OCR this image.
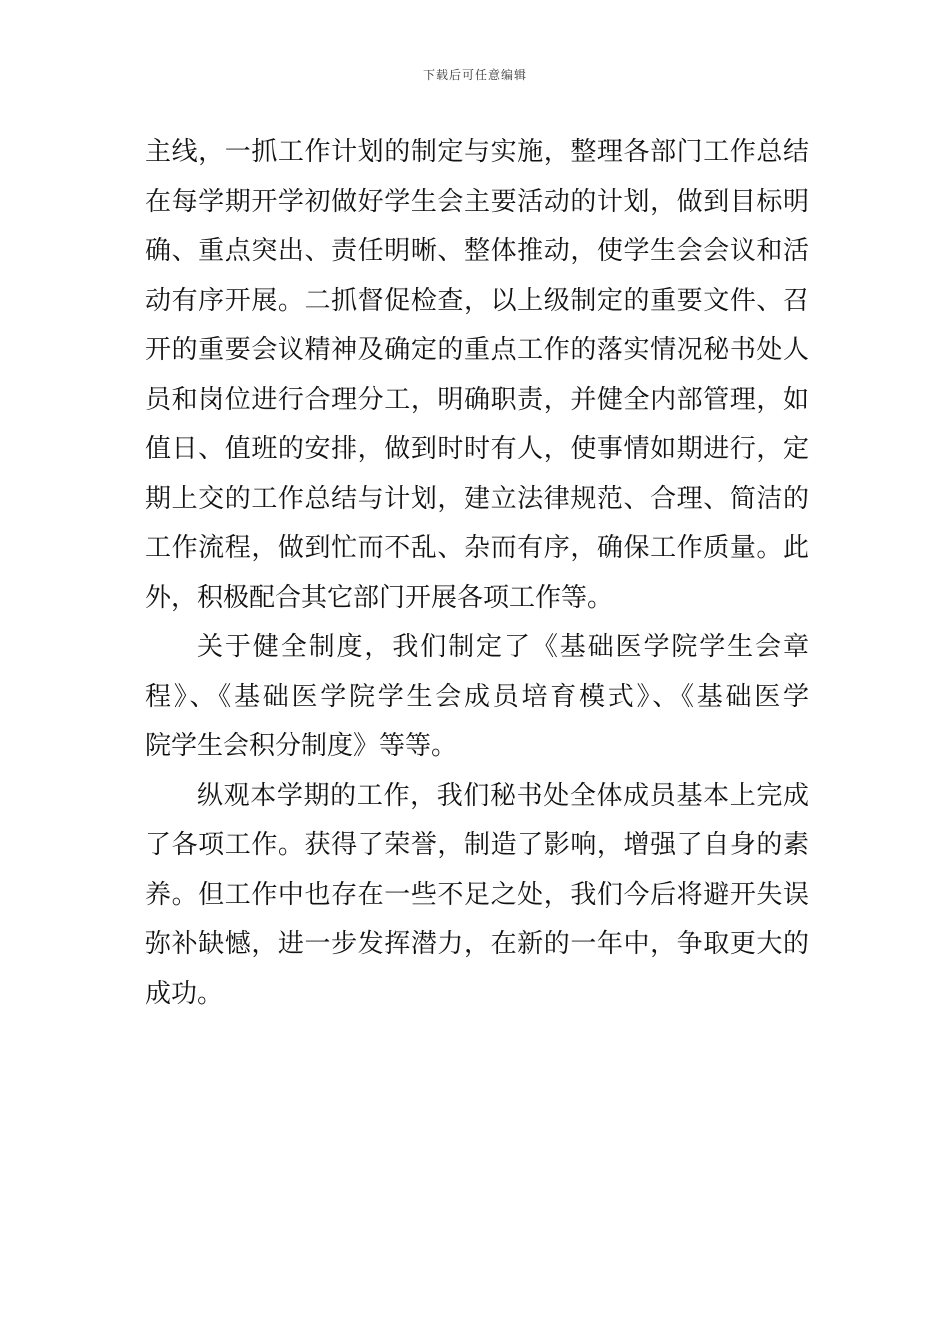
下载后可任意编辑

主线，一抓工作计划的制定与实施，整理各部门工作总结
在每学期开学初做好学生会主要活动的计划，做到目标明
确、重点突出、责任明晰、整体推动，使学生会会议和活
动有序开展。二抓督促检查，以上级制定的重要文件、召
开的重要会议精神及确定的重点工作的落实情况秘书处人
员和岗位进行合理分工，明确职责，并健全内部管理，如
值日、值班的安排，做到时时有人，使事情如期进行，定
期上交的工作总结与计划，建立法律规范、合理、简洁的
工作流程，做到忙而不乱、杂而有序，确保工作质量。此
外，积极配合其它部门开展各项工作等。

关于健全制度，我们制定了《基础医学院学生会章
程》、《基础医学院学生会成员培育模式》、《基础医学
院学生会积分制度》等等。

纵观本学期的工作，我们秘书处全体成员基本上完成
了各项工作。获得了荣誉，制造了影响，增强了自身的素
养。但工作中也存在一些不足之处，我们今后将避开失误
弥补缺憾，进一步发挥潜力，在新的一年中，争取更大的
成功。
